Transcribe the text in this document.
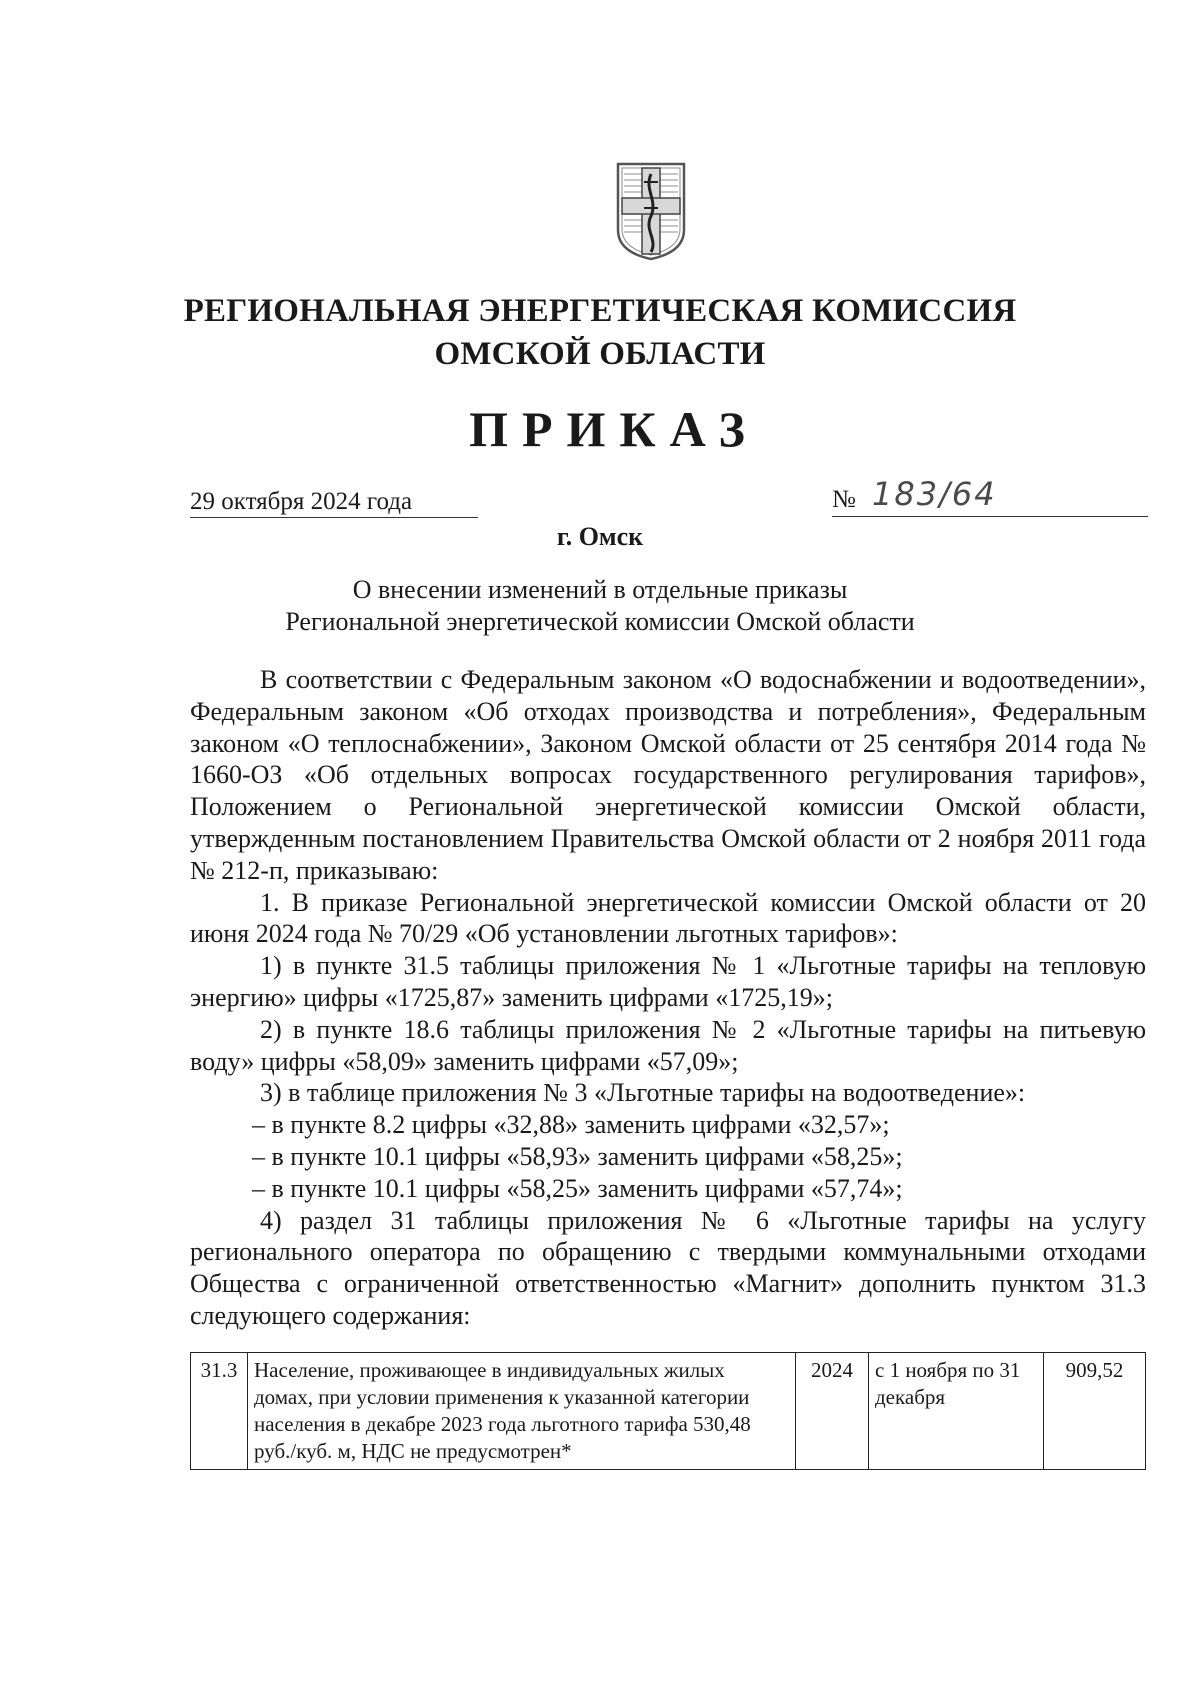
РЕГИОНАЛЬНАЯ ЭНЕРГЕТИЧЕСКАЯ КОМИССИЯ
ОМСКОЙ ОБЛАСТИ
ПРИКАЗ
29 октября 2024 года	№ 183/64
г. Омск
О внесении изменений в отдельные приказы
Региональной энергетической комиссии Омской области

В соответствии с Федеральным законом «О водоснабжении и водоотведении», Федеральным законом «Об отходах производства и потребления», Федеральным законом «О теплоснабжении», Законом Омской области от 25 сентября 2014 года № 1660-ОЗ «Об отдельных вопросах государственного регулирования тарифов», Положением о Региональной энергетической комиссии Омской области, утвержденным постановлением Правительства Омской области от 2 ноября 2011 года № 212-п, приказываю:

1. В приказе Региональной энергетической комиссии Омской области от 20 июня 2024 года № 70/29 «Об установлении льготных тарифов»:

1) в пункте 31.5 таблицы приложения № 1 «Льготные тарифы на тепловую энергию» цифры «1725,87» заменить цифрами «1725,19»;

2) в пункте 18.6 таблицы приложения № 2 «Льготные тарифы на питьевую воду» цифры «58,09» заменить цифрами «57,09»;

3) в таблице приложения № 3 «Льготные тарифы на водоотведение»:

– в пункте 8.2 цифры «32,88» заменить цифрами «32,57»;

– в пункте 10.1 цифры «58,93» заменить цифрами «58,25»;

– в пункте 10.1 цифры «58,25» заменить цифрами «57,74»;

4) раздел 31 таблицы приложения № 6 «Льготные тарифы на услугу регионального оператора по обращению с твердыми коммунальными отходами Общества с ограниченной ответственностью «Магнит» дополнить пунктом 31.3 следующего содержания:

31.3	Население, проживающее в индивидуальных жилых домах, при условии применения к указанной категории населения в декабре 2023 года льготного тарифа 530,48 руб./куб. м, НДС не предусмотрен*	2024	с 1 ноября по 31 декабря	909,52
